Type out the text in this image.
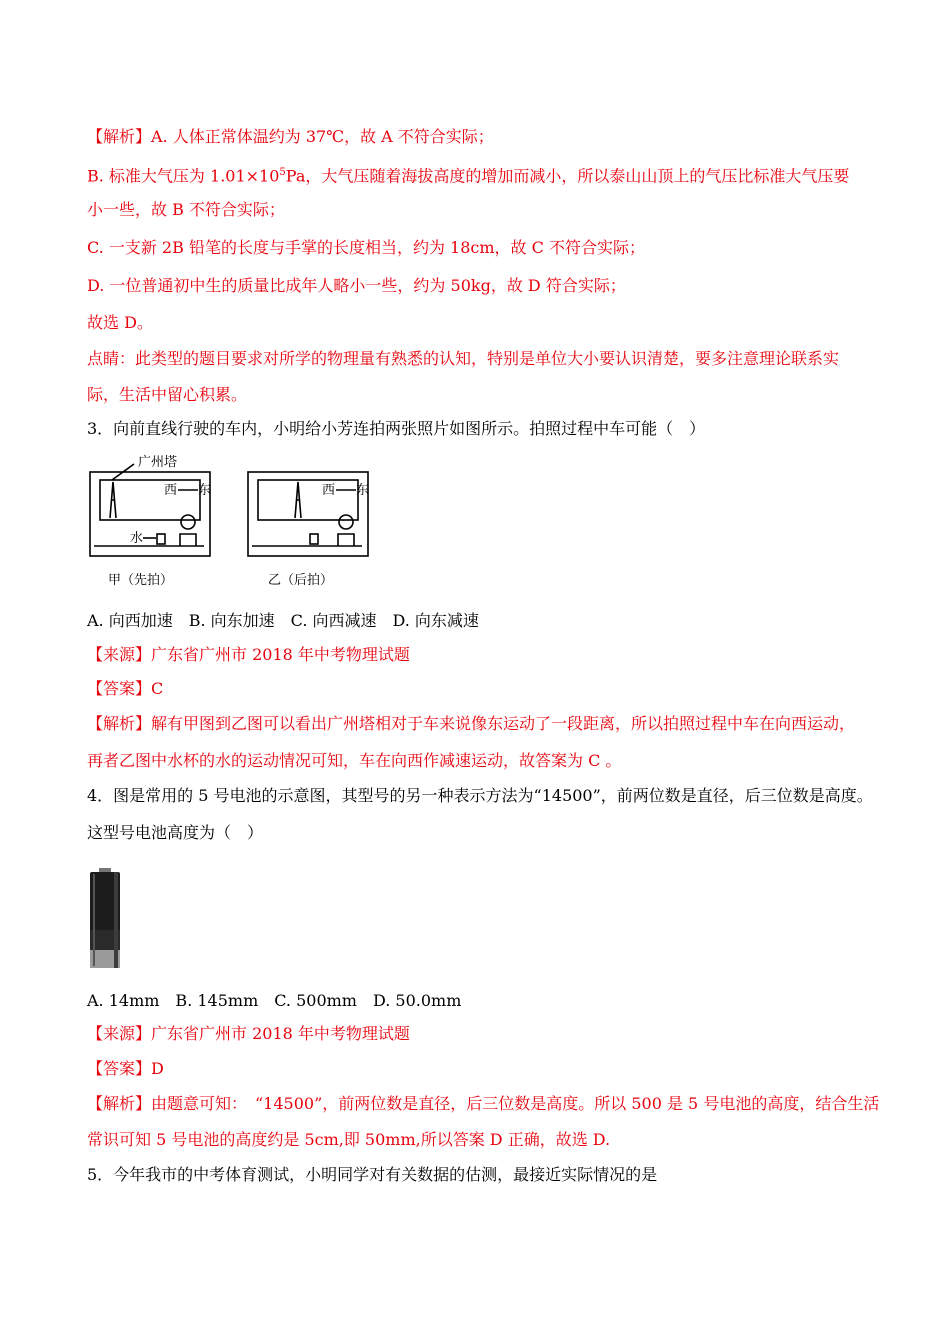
【解析】A. 人体正常体温约为 37℃，故 A 不符合实际；
B. 标准大气压为 $1.01\times 10^5Pa$，大气压随着海拔高度的增加而减小，所以泰山山顶上的气压比标准大气压要
小一些，故 B 不符合实际；
C. 一支新 2B 铅笔的长度与手掌的长度相当，约为 18cm，故 C 不符合实际；
D. 一位普通初中生的质量比成年人略小一些，约为 50kg，故 D 符合实际；
故选 D。
点睛：此类型的题目要求对所学的物理量有熟悉的认知，特别是单位大小要认识清楚，要多注意理论联系实
际，生活中留心积累。
3．向前直线行驶的车内，小明给小芳连拍两张照片如图所示。拍照过程中车可能（　）
广州塔
西 东
水
西 东
甲（先拍）	乙（后拍）
A. 向西加速　B. 向东加速　C. 向西减速　D. 向东减速
【来源】广东省广州市 2018 年中考物理试题
【答案】C
【解析】解有甲图到乙图可以看出广州塔相对于车来说像东运动了一段距离，所以拍照过程中车在向西运动，
再者乙图中水杯的水的运动情况可知，车在向西作减速运动，故答案为 C 。
4．图是常用的 5 号电池的示意图，其型号的另一种表示方法为“14500”，前两位数是直径，后三位数是高度。
这型号电池高度为（　）
A. 14mm　B. 145mm　C. 500mm　D. 50.0mm
【来源】广东省广州市 2018 年中考物理试题
【答案】D
【解析】由题意可知：　“14500”，前两位数是直径，后三位数是高度。所以 500 是 5 号电池的高度，结合生活
常识可知 5 号电池的高度约是 5cm,即 50mm,所以答案 D 正确，故选 D.
5．今年我市的中考体育测试，小明同学对有关数据的估测，最接近实际情况的是
